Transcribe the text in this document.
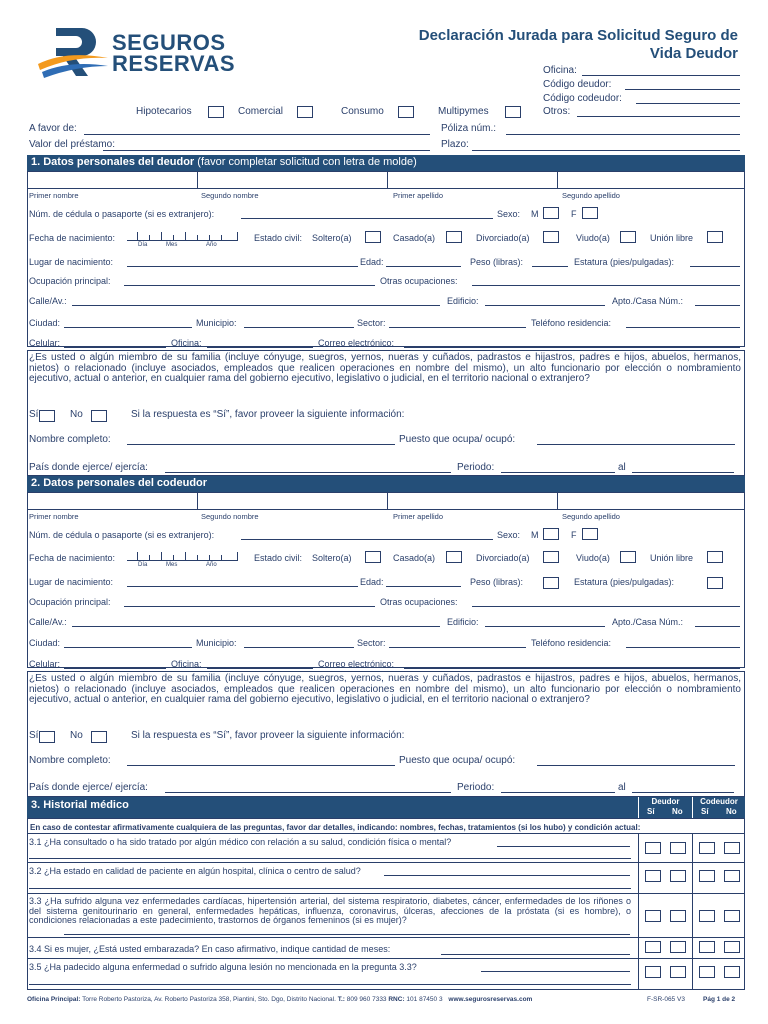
SEGUROS
RESERVAS
Declaración Jurada para Solicitud Seguro de
Vida Deudor
Oficina:
Código deudor:
Código codeudor:
Hipotecarios	Comercial	Consumo	Multipymes	Otros:
A favor de:	Póliza núm.:
Valor del préstamo:	Plazo:
1. Datos personales del deudor (favor completar solicitud con letra de molde)
Primer nombre	Segundo nombre	Primer apellido	Segundo apellido
Núm. de cédula o pasaporte (si es extranjero):	Sexo: M	F
Fecha de nacimiento:
Día	Mes	Año
Estado civil: Soltero(a)	Casado(a)	Divorciado(a)	Viudo(a)	Unión libre
Lugar de nacimiento:	Edad:	Peso (libras):	Estatura (pies/pulgadas):
Ocupación principal:	Otras ocupaciones:
Calle/Av.:	Edificio:	Apto./Casa Núm.:
Ciudad:	Municipio:	Sector:	Teléfono residencia:
Celular:	Oficina:	Correo electrónico:
¿Es usted o algún miembro de su familia (incluye cónyuge, suegros, yernos, nueras y cuñados, padrastos e hijastros, padres e hijos, abuelos, hermanos, nietos) o relacionado (incluye asociados, empleados que realicen operaciones en nombre del mismo), un alto funcionario por elección o nombramiento ejecutivo, actual o anterior, en cualquier rama del gobierno ejecutivo, legislativo o judicial, en el territorio nacional o extranjero?
Sí	No	Si la respuesta es “Sí”, favor proveer la siguiente información:
Nombre completo:	Puesto que ocupa/ ocupó:
País donde ejerce/ ejercía:	Periodo:	al
2. Datos personales del codeudor
Primer nombre	Segundo nombre	Primer apellido	Segundo apellido
Núm. de cédula o pasaporte (si es extranjero):	Sexo: M	F
Fecha de nacimiento:
Día	Mes	Año
Estado civil: Soltero(a)	Casado(a)	Divorciado(a)	Viudo(a)	Unión libre
Lugar de nacimiento:	Edad:	Peso (libras):	Estatura (pies/pulgadas):
Ocupación principal:	Otras ocupaciones:
Calle/Av.:	Edificio:	Apto./Casa Núm.:
Ciudad:	Municipio:	Sector:	Teléfono residencia:
Celular:	Oficina:	Correo electrónico:
¿Es usted o algún miembro de su familia (incluye cónyuge, suegros, yernos, nueras y cuñados, padrastos e hijastros, padres e hijos, abuelos, hermanos, nietos) o relacionado (incluye asociados, empleados que realicen operaciones en nombre del mismo), un alto funcionario por elección o nombramiento ejecutivo, actual o anterior, en cualquier rama del gobierno ejecutivo, legislativo o judicial, en el territorio nacional o extranjero?
Sí	No	Si la respuesta es “Sí”, favor proveer la siguiente información:
Nombre completo:	Puesto que ocupa/ ocupó:
País donde ejerce/ ejercía:	Periodo:	al
3. Historial médico	Deudor
Sí No
Codeudor
Sí No
En caso de contestar afirmativamente cualquiera de las preguntas, favor dar detalles, indicando: nombres, fechas, tratamientos (si los hubo) y condición actual:
3.1 ¿Ha consultado o ha sido tratado por algún médico con relación a su salud, condición física o mental?
3.2 ¿Ha estado en calidad de paciente en algún hospital, clínica o centro de salud?
3.3 ¿Ha sufrido alguna vez enfermedades cardíacas, hipertensión arterial, del sistema respiratorio, diabetes, cáncer, enfermedades de los riñones o del sistema genitourinario en general, enfermedades hepáticas, influenza, coronavirus, úlceras, afecciones de la próstata (si es hombre), o condiciones relacionadas a este padecimiento, trastornos de órganos femeninos (si es mujer)?
3.4 Si es mujer, ¿Está usted embarazada? En caso afirmativo, indique cantidad de meses:
3.5 ¿Ha padecido alguna enfermedad o sufrido alguna lesión no mencionada en la pregunta 3.3?
Oficina Principal: Torre Roberto Pastoriza, Av. Roberto Pastoriza 358, Piantini, Sto. Dgo, Distrito Nacional. T.: 809 960 7333 RNC: 101 87450 3 www.segurosreservas.com	F-SR-065 V3	Pág 1 de 2
